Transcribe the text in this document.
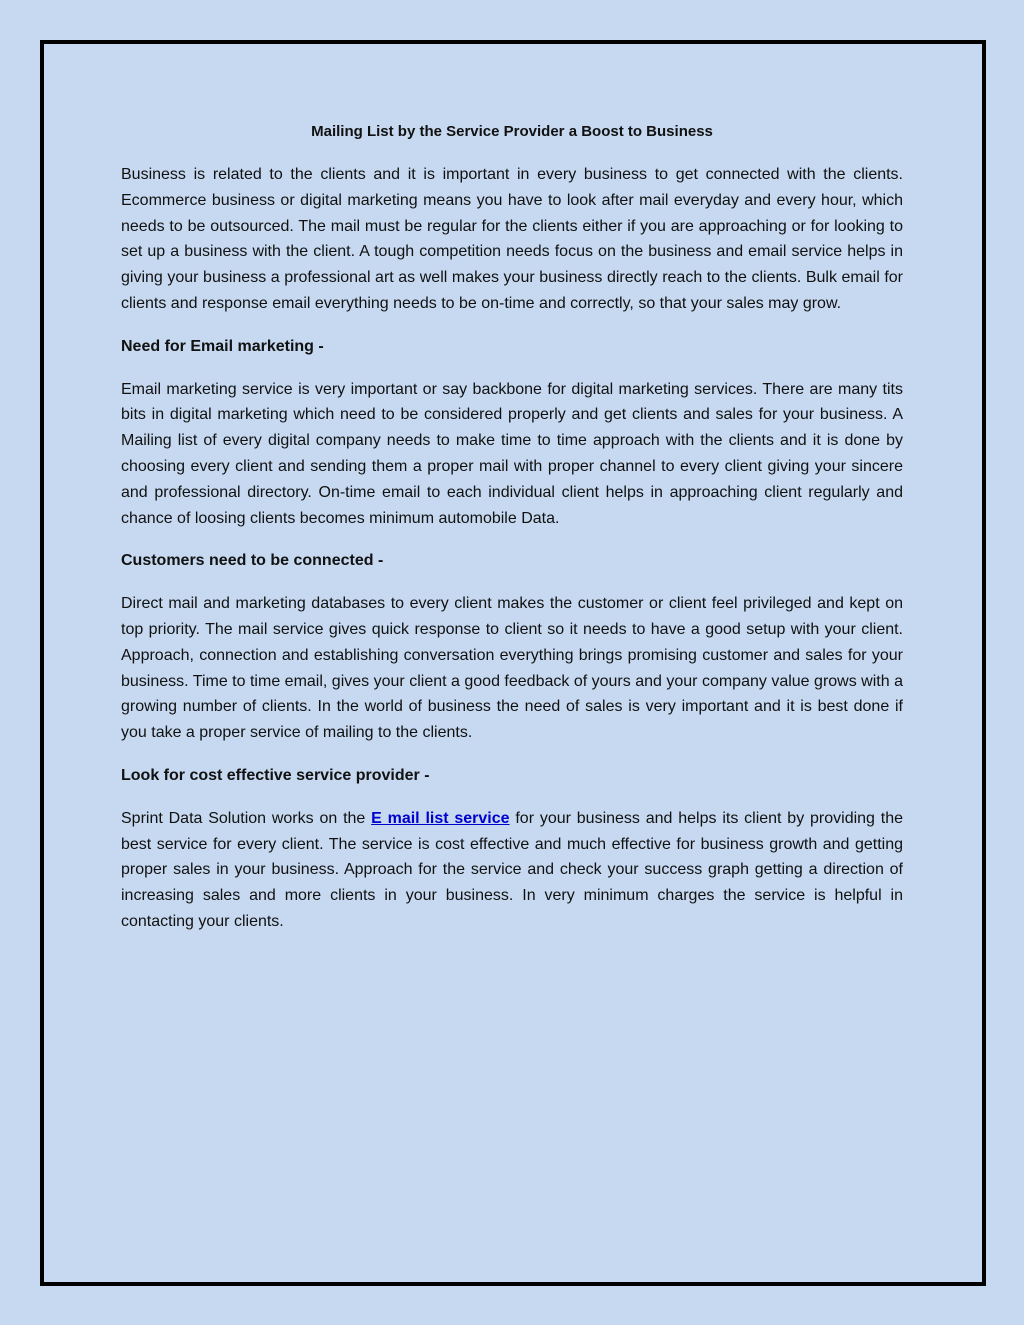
Mailing List by the Service Provider a Boost to Business

Business is related to the clients and it is important in every business to get connected with the clients. Ecommerce business or digital marketing means you have to look after mail everyday and every hour, which needs to be outsourced. The mail must be regular for the clients either if you are approaching or for looking to set up a business with the client. A tough competition needs focus on the business and email service helps in giving your business a professional art as well makes your business directly reach to the clients. Bulk email for clients and response email everything needs to be on-time and correctly, so that your sales may grow.

Need for Email marketing -

Email marketing service is very important or say backbone for digital marketing services. There are many tits bits in digital marketing which need to be considered properly and get clients and sales for your business. A Mailing list of every digital company needs to make time to time approach with the clients and it is done by choosing every client and sending them a proper mail with proper channel to every client giving your sincere and professional directory. On-time email to each individual client helps in approaching client regularly and chance of loosing clients becomes minimum automobile Data.

Customers need to be connected -

Direct mail and marketing databases to every client makes the customer or client feel privileged and kept on top priority. The mail service gives quick response to client so it needs to have a good setup with your client. Approach, connection and establishing conversation everything brings promising customer and sales for your business. Time to time email, gives your client a good feedback of yours and your company value grows with a growing number of clients. In the world of business the need of sales is very important and it is best done if you take a proper service of mailing to the clients.

Look for cost effective service provider -

Sprint Data Solution works on the E mail list service for your business and helps its client by providing the best service for every client. The service is cost effective and much effective for business growth and getting proper sales in your business. Approach for the service and check your success graph getting a direction of increasing sales and more clients in your business. In very minimum charges the service is helpful in contacting your clients.
